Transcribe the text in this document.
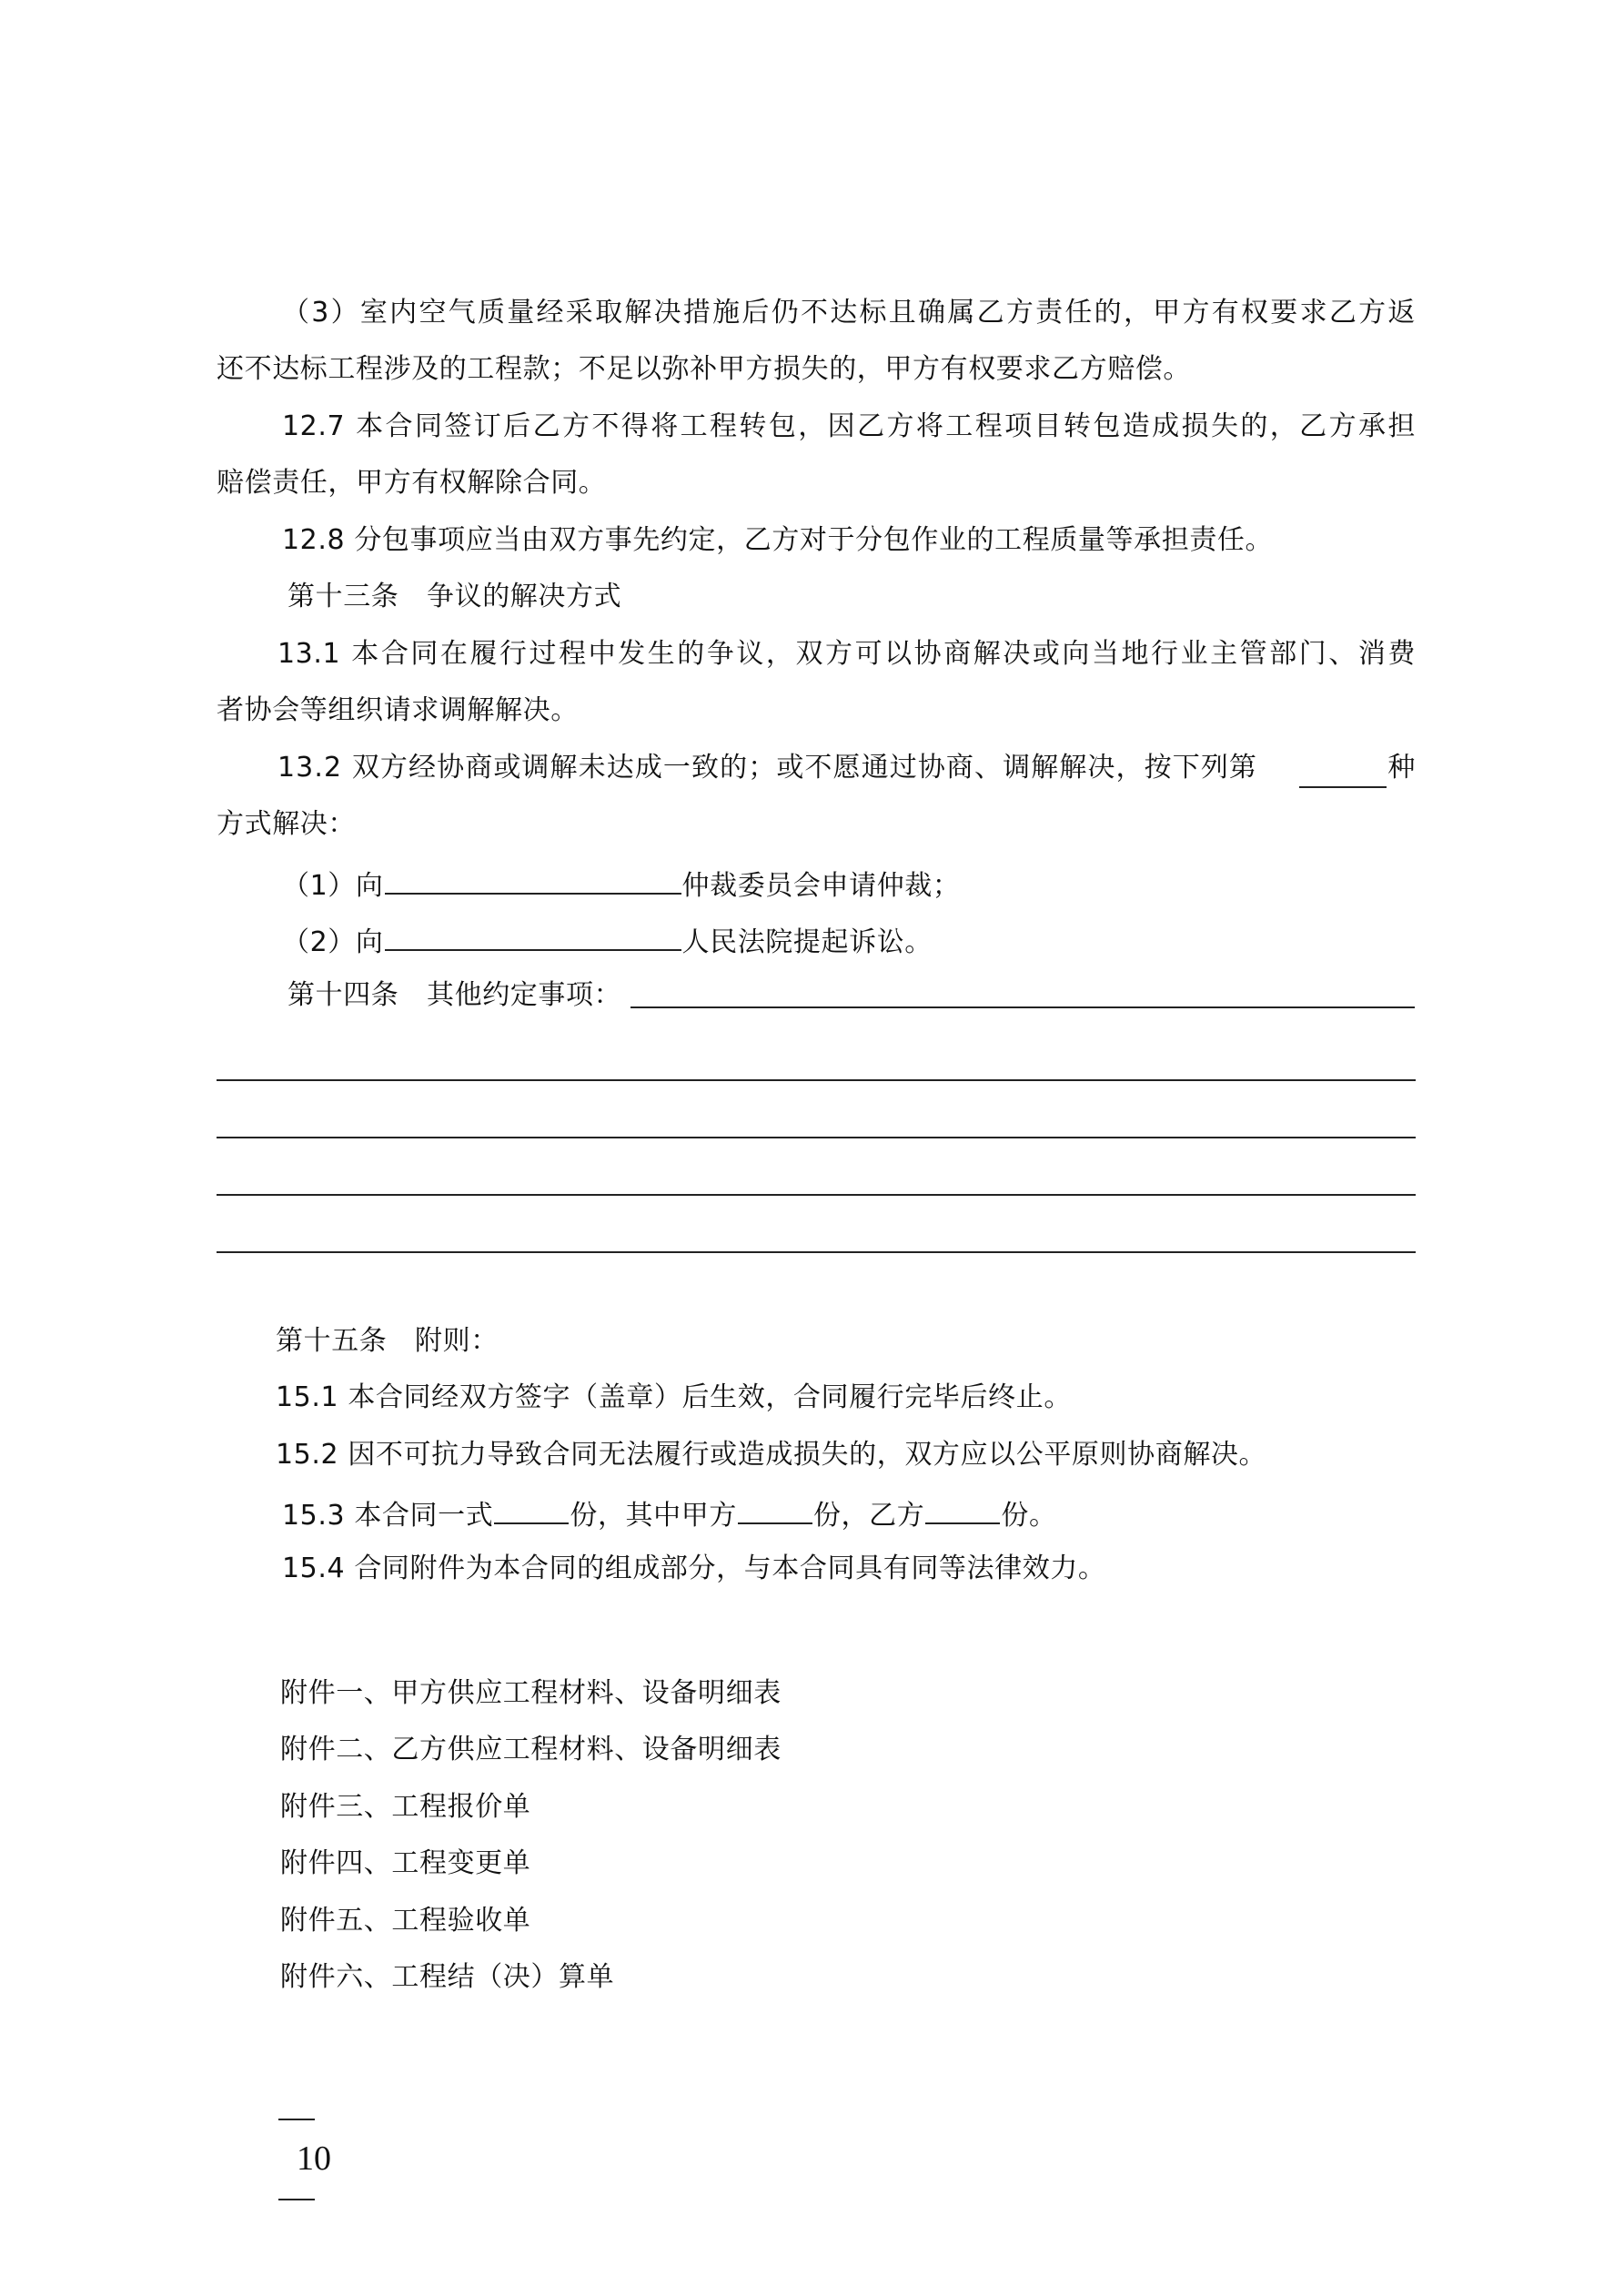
（3）室内空气质量经采取解决措施后仍不达标且确属乙方责任的，甲方有权要求乙方返
还不达标工程涉及的工程款；不足以弥补甲方损失的，甲方有权要求乙方赔偿。
12.7 本合同签订后乙方不得将工程转包，因乙方将工程项目转包造成损失的，乙方承担
赔偿责任，甲方有权解除合同。
12.8 分包事项应当由双方事先约定，乙方对于分包作业的工程质量等承担责任。
第十三条　争议的解决方式
13.1 本合同在履行过程中发生的争议，双方可以协商解决或向当地行业主管部门、消费
者协会等组织请求调解解决。
13.2 双方经协商或调解未达成一致的；或不愿通过协商、调解解决，按下列第	种
方式解决：
（1）向	仲裁委员会申请仲裁；
（2）向	人民法院提起诉讼。
第十四条　其他约定事项：
第十五条　附则：
15.1 本合同经双方签字（盖章）后生效，合同履行完毕后终止。
15.2 因不可抗力导致合同无法履行或造成损失的，双方应以公平原则协商解决。
15.3 本合同一式	份，其中甲方	份，乙方	份。
15.4 合同附件为本合同的组成部分，与本合同具有同等法律效力。
附件一、甲方供应工程材料、设备明细表
附件二、乙方供应工程材料、设备明细表
附件三、工程报价单
附件四、工程变更单
附件五、工程验收单
附件六、工程结（决）算单

10
